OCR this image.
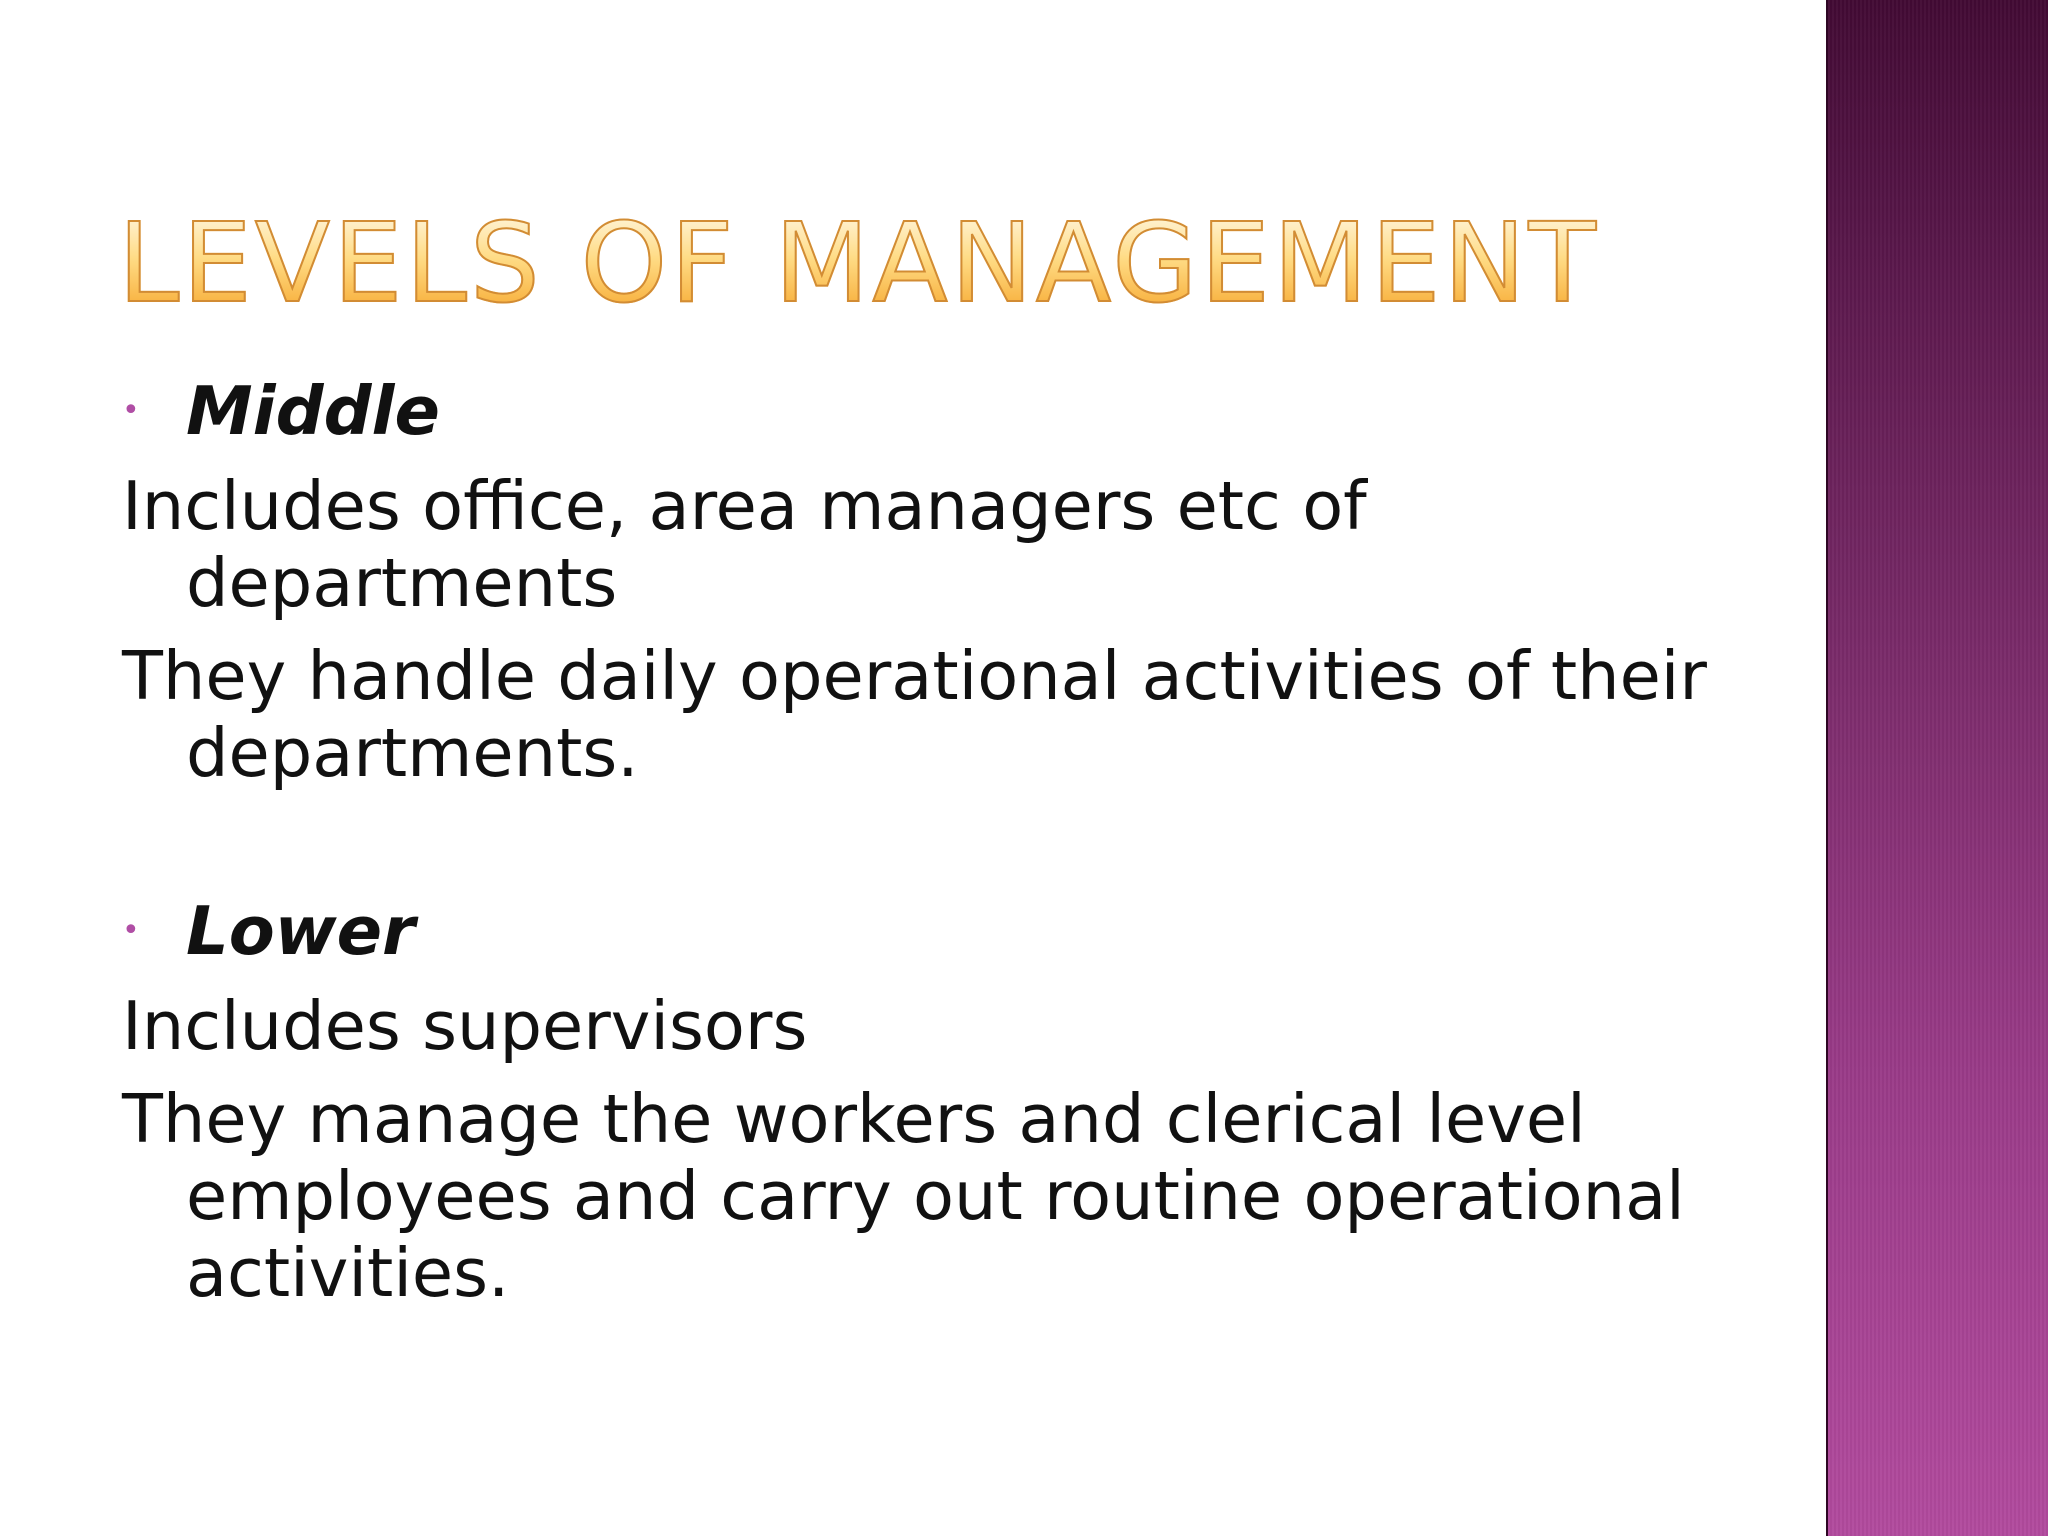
LEVELS OF MANAGEMENT
• Middle
Includes office, area managers etc of departments
They handle daily operational activities of their departments.
• Lower
Includes supervisors
They manage the workers and clerical level employees and carry out routine operational activities.
